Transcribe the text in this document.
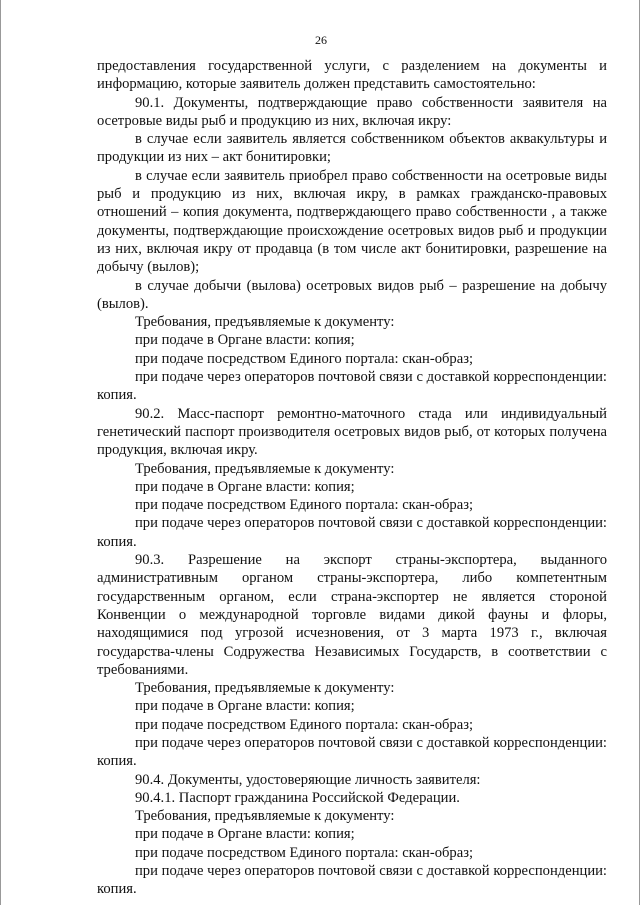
26

предоставления государственной услуги, с разделением на документы и информацию, которые заявитель должен представить самостоятельно:

90.1. Документы, подтверждающие право собственности заявителя на осетровые виды рыб и продукцию из них, включая икру:

в случае если заявитель является собственником объектов аквакультуры и продукции из них – акт бонитировки;

в случае если заявитель приобрел право собственности на осетровые виды рыб и продукцию из них, включая икру, в рамках гражданско-правовых отношений – копия документа, подтверждающего право собственности , а также документы, подтверждающие происхождение осетровых видов рыб и продукции из них, включая икру от продавца (в том числе акт бонитировки, разрешение на добычу (вылов);

в случае добычи (вылова) осетровых видов рыб – разрешение на добычу (вылов).

Требования, предъявляемые к документу:

при подаче в Органе власти: копия;

при подаче посредством Единого портала: скан-образ;

при подаче через операторов почтовой связи с доставкой корреспонденции: копия.

90.2. Масс-паспорт ремонтно-маточного стада или индивидуальный генетический паспорт производителя осетровых видов рыб, от которых получена продукция, включая икру.

Требования, предъявляемые к документу:

при подаче в Органе власти: копия;

при подаче посредством Единого портала: скан-образ;

при подаче через операторов почтовой связи с доставкой корреспонденции: копия.

90.3. Разрешение на экспорт страны-экспортера, выданного административным органом страны-экспортера, либо компетентным государственным органом, если страна-экспортер не является стороной Конвенции о международной торговле видами дикой фауны и флоры, находящимися под угрозой исчезновения, от 3 марта 1973 г., включая государства-члены Содружества Независимых Государств, в соответствии с требованиями.

Требования, предъявляемые к документу:

при подаче в Органе власти: копия;

при подаче посредством Единого портала: скан-образ;

при подаче через операторов почтовой связи с доставкой корреспонденции: копия.

90.4. Документы, удостоверяющие личность заявителя:

90.4.1. Паспорт гражданина Российской Федерации.

Требования, предъявляемые к документу:

при подаче в Органе власти: копия;

при подаче посредством Единого портала: скан-образ;

при подаче через операторов почтовой связи с доставкой корреспонденции: копия.
